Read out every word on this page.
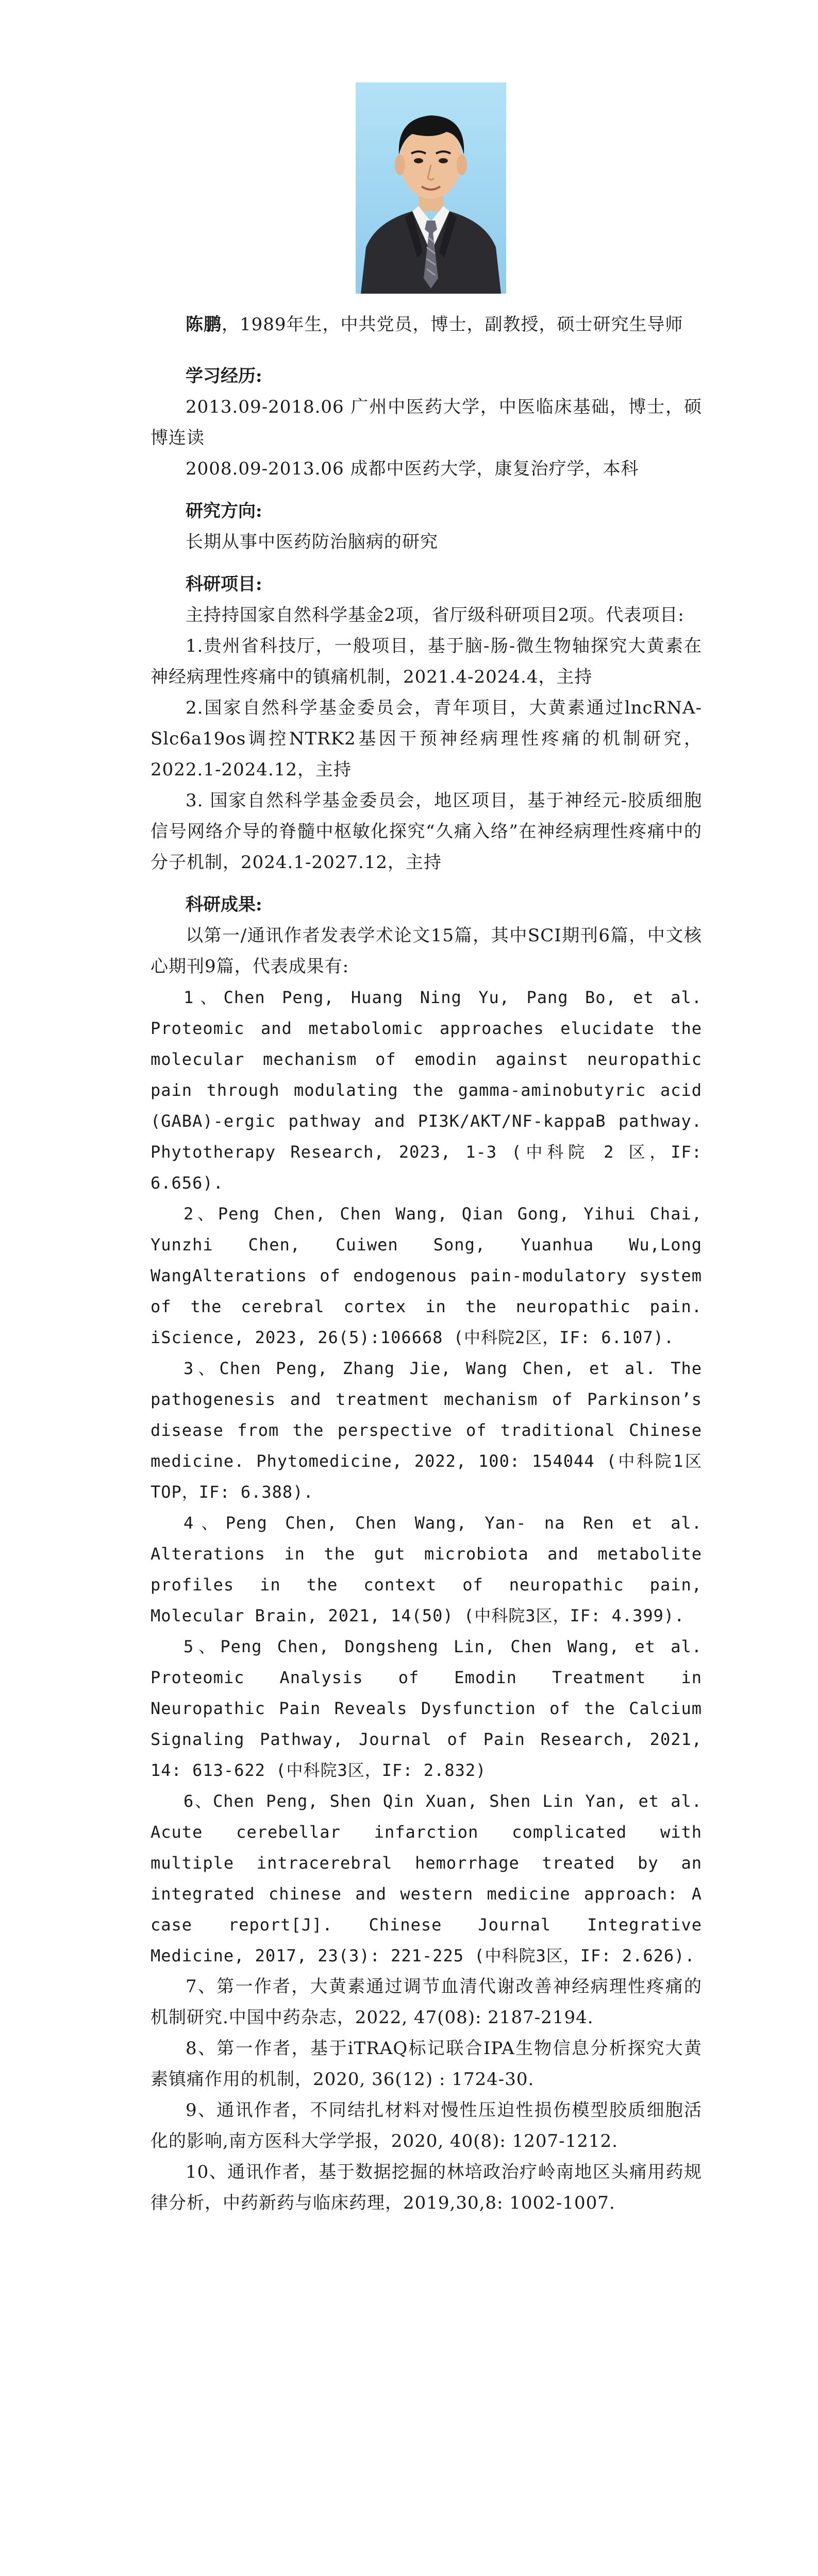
陈鹏，1989年生，中共党员，博士，副教授，硕士研究生导师

学习经历:

2013.09-2018.06 广州中医药大学，中医临床基础，博士，硕博连读

2008.09-2013.06 成都中医药大学，康复治疗学，本科

研究方向:

长期从事中医药防治脑病的研究

科研项目:

主持持国家自然科学基金2项，省厅级科研项目2项。代表项目:

1.贵州省科技厅，一般项目，基于脑-肠-微生物轴探究大黄素在神经病理性疼痛中的镇痛机制，2021.4-2024.4，主持

2.国家自然科学基金委员会，青年项目，大黄素通过lncRNA-Slc6a19os调控NTRK2基因干预神经病理性疼痛的机制研究，2022.1-2024.12，主持

3. 国家自然科学基金委员会，地区项目，基于神经元-胶质细胞信号网络介导的脊髓中枢敏化探究“久痛入络”在神经病理性疼痛中的分子机制，2024.1-2027.12，主持

科研成果:

以第一/通讯作者发表学术论文15篇，其中SCI期刊6篇，中文核心期刊9篇，代表成果有:

1、Chen Peng, Huang Ning Yu, Pang Bo, et al. Proteomic and metabolomic approaches elucidate the molecular mechanism of emodin against neuropathic pain through modulating the gamma-aminobutyric acid (GABA)-ergic pathway and PI3K/AKT/NF-kappaB pathway. Phytotherapy Research, 2023, 1-3 (中科院 2 区，IF: 6.656).

2、Peng Chen, Chen Wang, Qian Gong, Yihui Chai, Yunzhi Chen, Cuiwen Song, Yuanhua Wu,Long WangAlterations of endogenous pain-modulatory system of the cerebral cortex in the neuropathic pain. iScience, 2023, 26(5):106668 (中科院2区，IF: 6.107).

3、Chen Peng, Zhang Jie, Wang Chen, et al. The pathogenesis and treatment mechanism of Parkinson’s disease from the perspective of traditional Chinese medicine. Phytomedicine, 2022, 100: 154044 (中科院1区TOP，IF: 6.388).

4、Peng Chen, Chen Wang, Yan- na Ren et al. Alterations in the gut microbiota and metabolite profiles in the context of neuropathic pain, Molecular Brain, 2021, 14(50) (中科院3区，IF: 4.399).

5、Peng Chen, Dongsheng Lin, Chen Wang, et al. Proteomic Analysis of Emodin Treatment in Neuropathic Pain Reveals Dysfunction of the Calcium Signaling Pathway, Journal of Pain Research, 2021, 14: 613-622 (中科院3区，IF: 2.832)

6、Chen Peng, Shen Qin Xuan, Shen Lin Yan, et al. Acute cerebellar infarction complicated with multiple intracerebral hemorrhage treated by an integrated chinese and western medicine approach: A case report[J]. Chinese Journal Integrative Medicine, 2017, 23(3): 221-225 (中科院3区，IF: 2.626).

7、第一作者，大黄素通过调节血清代谢改善神经病理性疼痛的机制研究.中国中药杂志，2022, 47(08): 2187-2194.

8、第一作者，基于iTRAQ标记联合IPA生物信息分析探究大黄素镇痛作用的机制，2020, 36(12) : 1724-30.

9、通讯作者，不同结扎材料对慢性压迫性损伤模型胶质细胞活化的影响,南方医科大学学报，2020, 40(8): 1207-1212.

10、通讯作者，基于数据挖掘的林培政治疗岭南地区头痛用药规律分析，中药新药与临床药理，2019,30,8: 1002-1007.
